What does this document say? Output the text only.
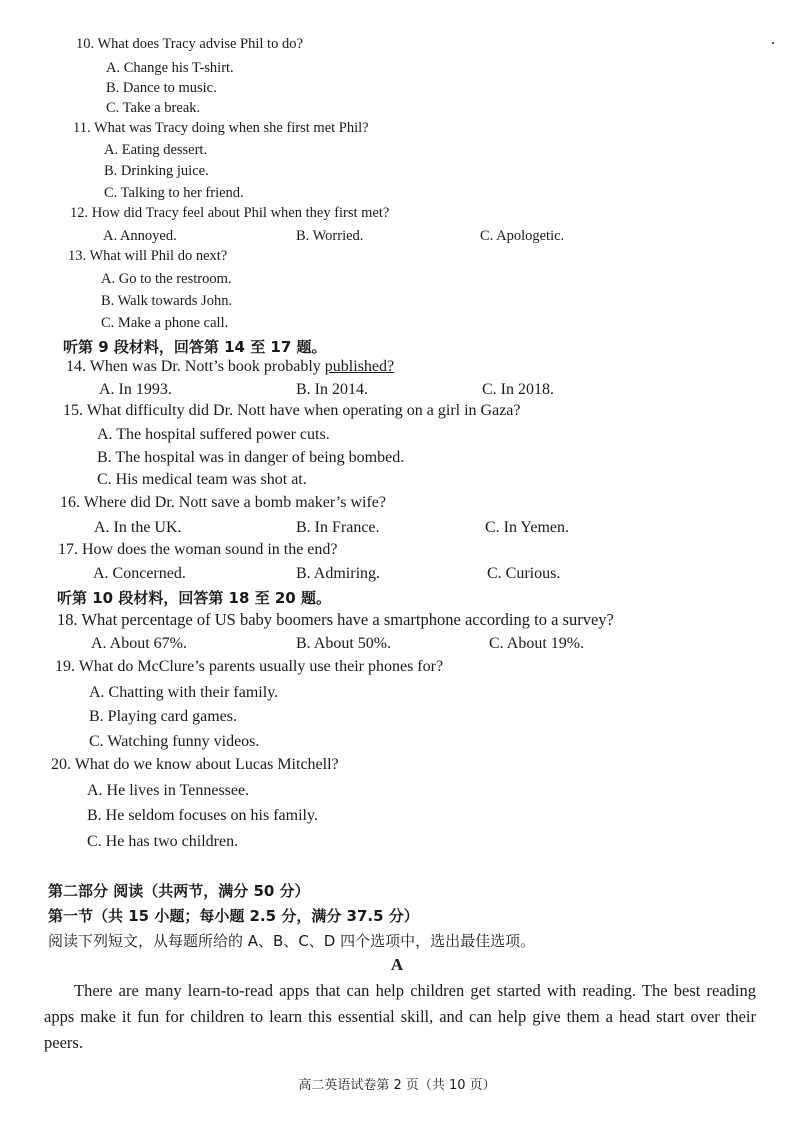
10. What does Tracy advise Phil to do?
A. Change his T-shirt.
B. Dance to music.
C. Take a break.
11. What was Tracy doing when she first met Phil?
A. Eating dessert.
B. Drinking juice.
C. Talking to her friend.
12. How did Tracy feel about Phil when they first met?
A. Annoyed.	B. Worried.	C. Apologetic.
13. What will Phil do next?
A. Go to the restroom.
B. Walk towards John.
C. Make a phone call.
听第 9 段材料，回答第 14 至 17 题。
14. When was Dr. Nott’s book probably published?
A. In 1993.	B. In 2014.	C. In 2018.
15. What difficulty did Dr. Nott have when operating on a girl in Gaza?
A. The hospital suffered power cuts.
B. The hospital was in danger of being bombed.
C. His medical team was shot at.
16. Where did Dr. Nott save a bomb maker’s wife?
A. In the UK.	B. In France.	C. In Yemen.
17. How does the woman sound in the end?
A. Concerned.	B. Admiring.	C. Curious.
听第 10 段材料，回答第 18 至 20 题。
18. What percentage of US baby boomers have a smartphone according to a survey?
A. About 67%.	B. About 50%.	C. About 19%.
19. What do McClure’s parents usually use their phones for?
A. Chatting with their family.
B. Playing card games.
C. Watching funny videos.
20. What do we know about Lucas Mitchell?
A. He lives in Tennessee.
B. He seldom focuses on his family.
C. He has two children.
第二部分 阅读（共两节，满分 50 分）
第一节（共 15 小题；每小题 2.5 分，满分 37.5 分）
阅读下列短文，从每题所给的 A、B、C、D 四个选项中，选出最佳选项。
A
There are many learn-to-read apps that can help children get started with reading. The best reading apps make it fun for children to learn this essential skill, and can help give them a head start over their peers.
高二英语试卷第 2 页（共 10 页）
